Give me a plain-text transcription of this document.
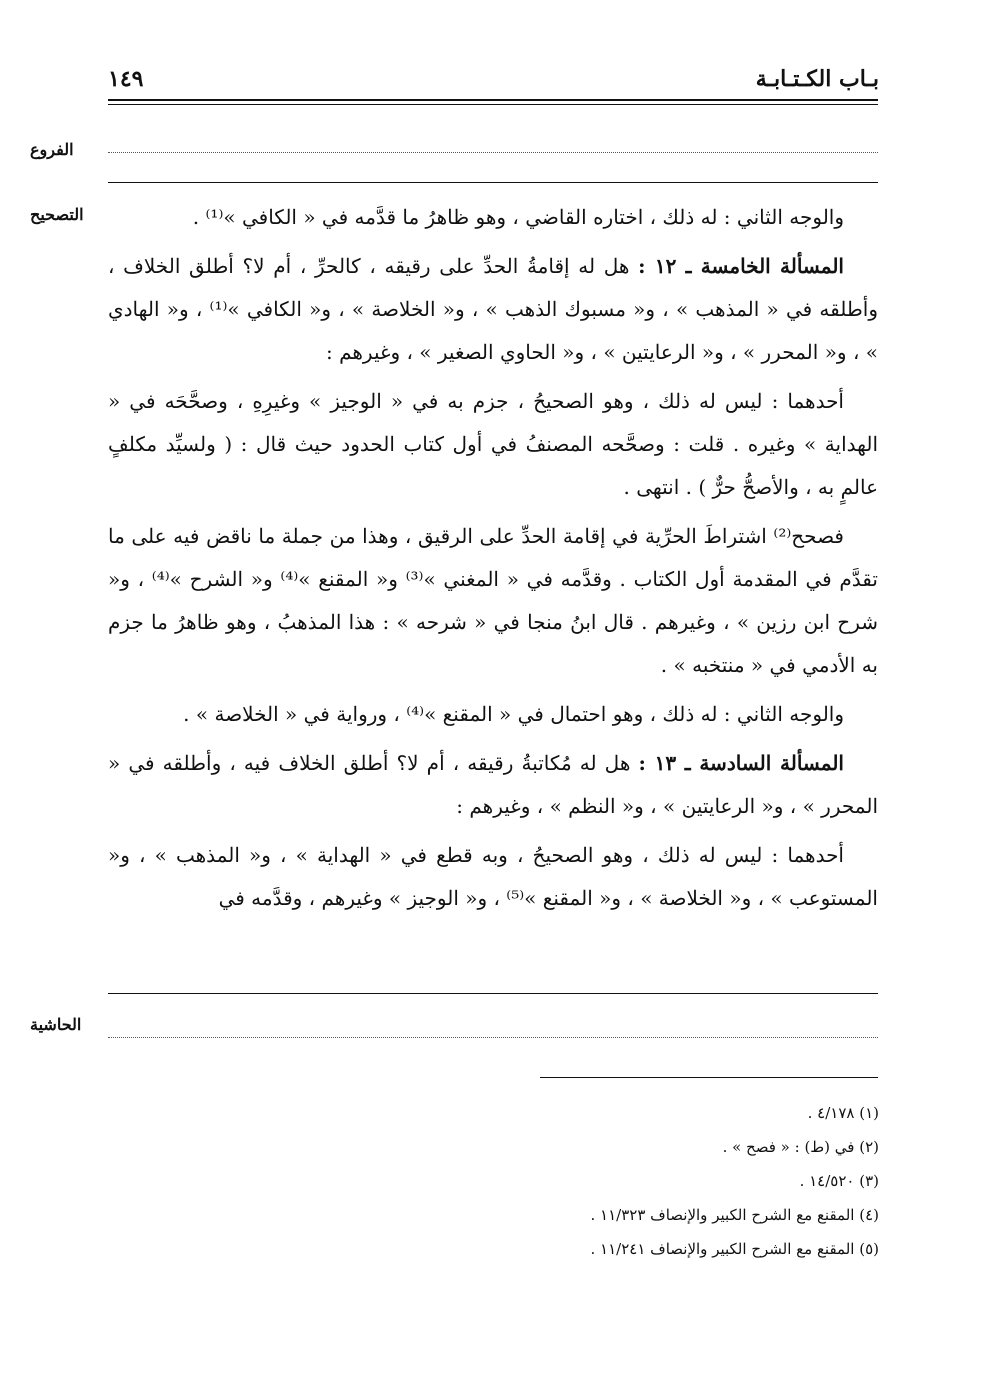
بـاب الكـتـابـة
١٤٩
الفروع
التصحيح	والوجه الثاني : له ذلك ، اختاره القاضي ، وهو ظاهرُ ما قدَّمه في « الكافي »⁽¹⁾ .

المسألة الخامسة ـ ١٢ : هل له إقامةُ الحدِّ على رقيقه ، كالحرِّ ، أم لا؟ أطلق الخلاف ، وأطلقه في « المذهب » ، و« مسبوك الذهب » ، و« الخلاصة » ، و« الكافي »⁽¹⁾ ، و« الهادي » ، و« المحرر » ، و« الرعايتين » ، و« الحاوي الصغير » ، وغيرهم :

أحدهما : ليس له ذلك ، وهو الصحيحُ ، جزم به في « الوجيز » وغيرِهِ ، وصحَّحَه في « الهداية » وغيره . قلت : وصحَّحه المصنفُ في أول كتاب الحدود حيث قال : ( ولسيِّد مكلفٍ عالمٍ به ، والأصحُّ حرٌّ ) . انتهى .

فصحح⁽²⁾ اشتراطَ الحرِّية في إقامة الحدِّ على الرقيق ، وهذا من جملة ما ناقض فيه على ما تقدَّم في المقدمة أول الكتاب . وقدَّمه في « المغني »⁽³⁾ و« المقنع »⁽⁴⁾ و« الشرح »⁽⁴⁾ ، و« شرح ابن رزين » ، وغيرهم . قال ابنُ منجا في « شرحه » : هذا المذهبُ ، وهو ظاهرُ ما جزم به الأدمي في « منتخبه » .

والوجه الثاني : له ذلك ، وهو احتمال في « المقنع »⁽⁴⁾ ، ورواية في « الخلاصة » .

المسألة السادسة ـ ١٣ : هل له مُكاتبةُ رقيقه ، أم لا؟ أطلق الخلاف فيه ، وأطلقه في « المحرر » ، و« الرعايتين » ، و« النظم » ، وغيرهم :

أحدهما : ليس له ذلك ، وهو الصحيحُ ، وبه قطع في « الهداية » ، و« المذهب » ، و« المستوعب » ، و« الخلاصة » ، و« المقنع »⁽⁵⁾ ، و« الوجيز » وغيرهم ، وقدَّمه في

الحاشية
(١) ٤/١٧٨ .
(٢) في (ط) : « فصح » .
(٣) ١٤/٥٢٠ .
(٤) المقنع مع الشرح الكبير والإنصاف ١١/٣٢٣ .
(٥) المقنع مع الشرح الكبير والإنصاف ١١/٢٤١ .
